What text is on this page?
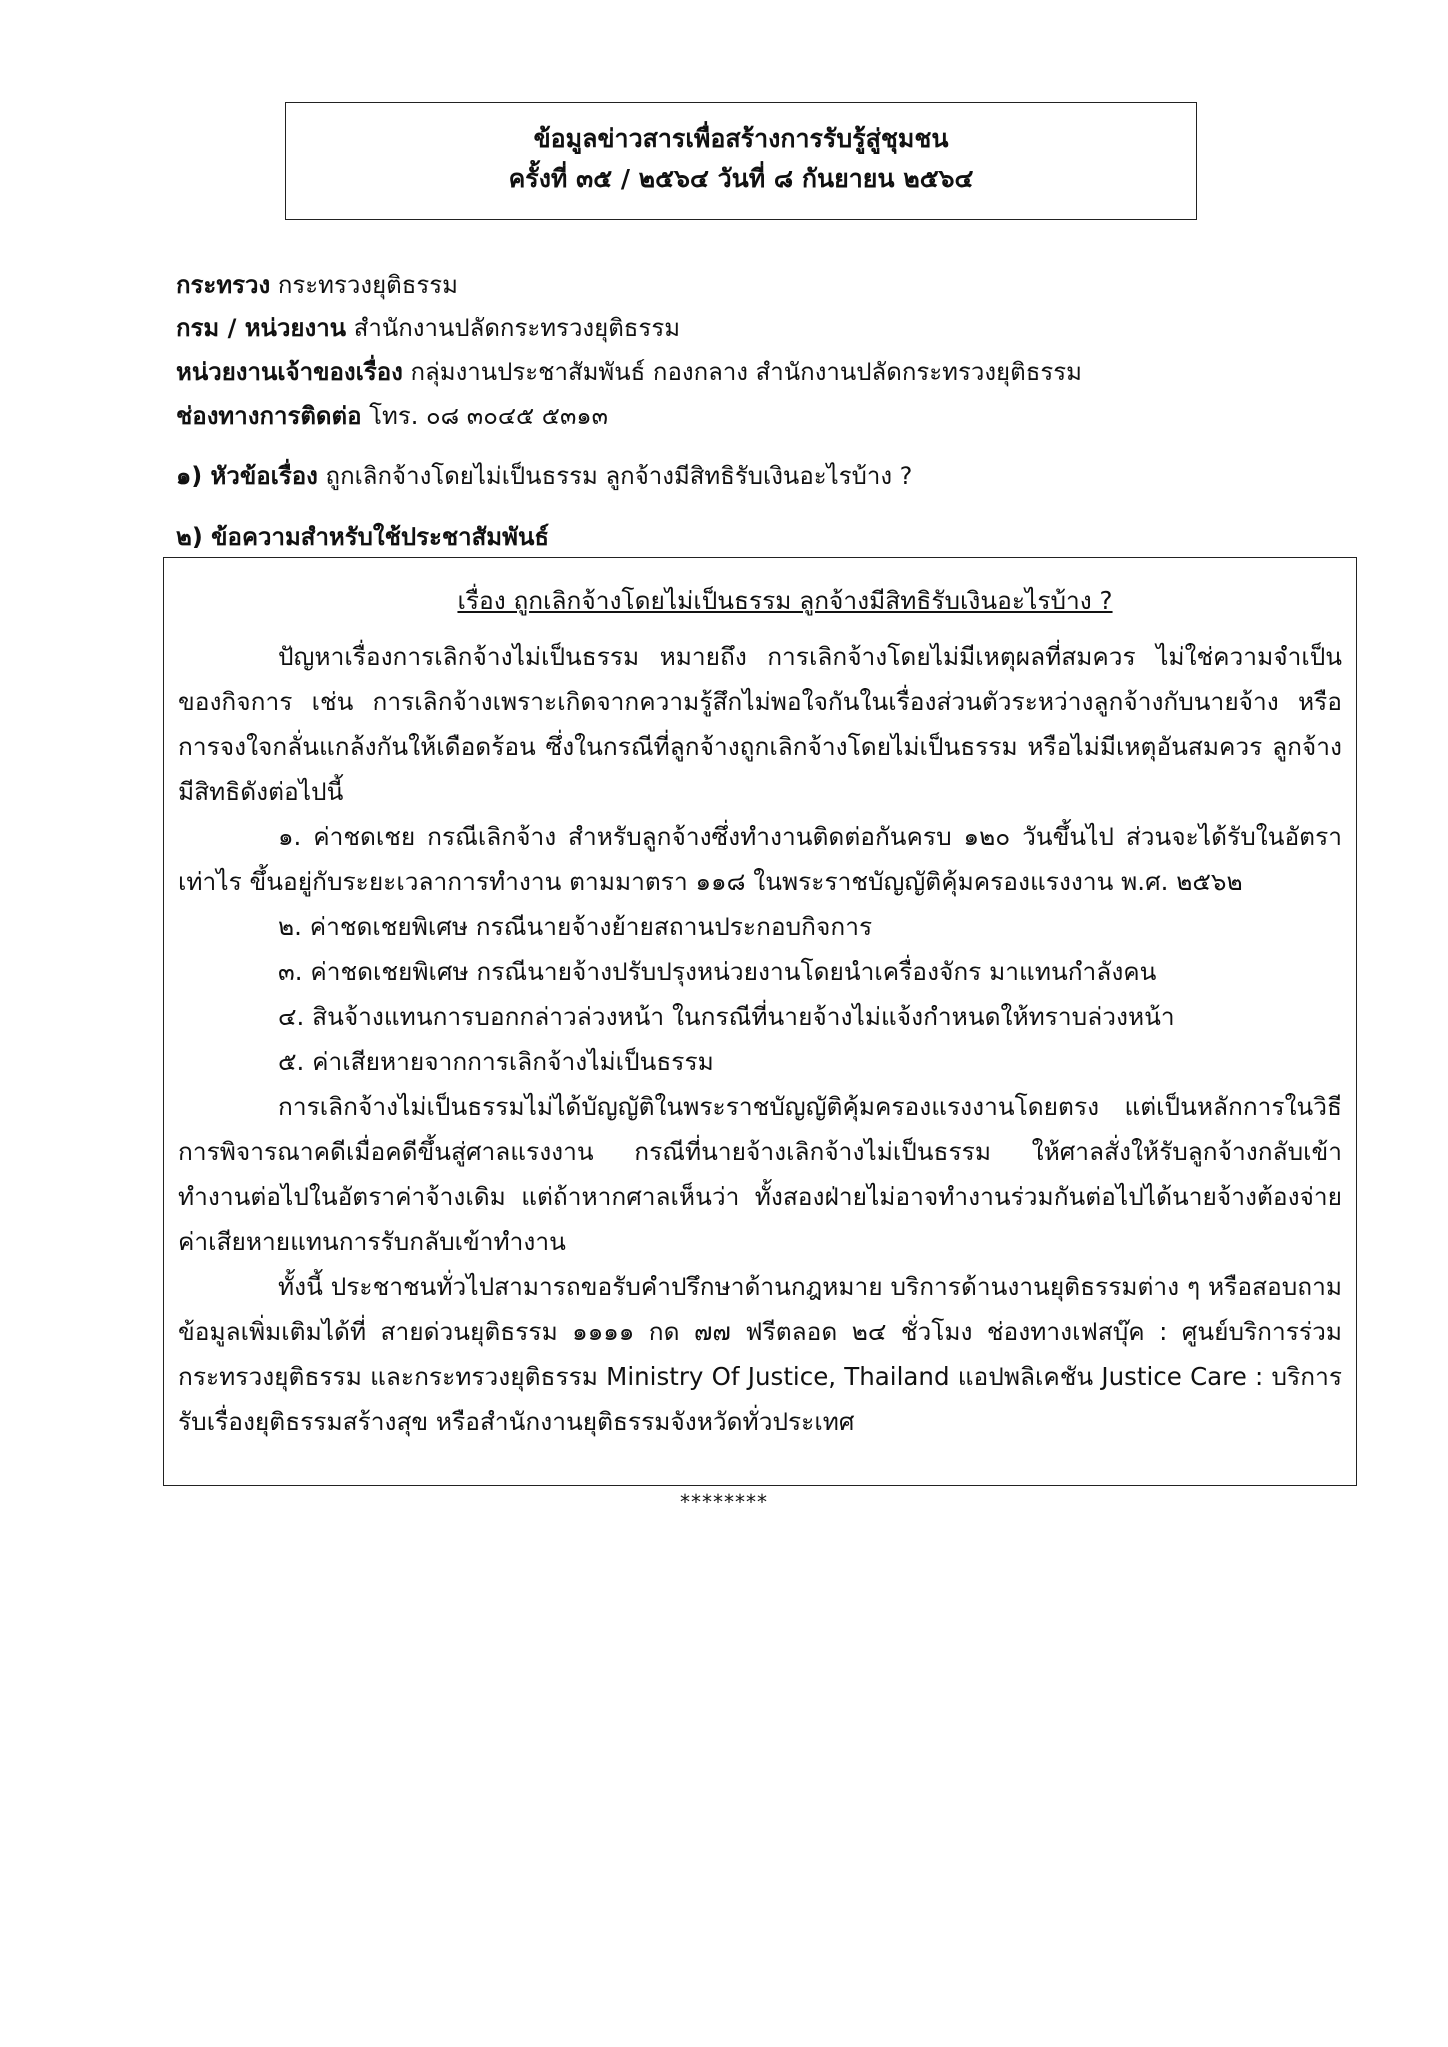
ข้อมูลข่าวสารเพื่อสร้างการรับรู้สู่ชุมชน
ครั้งที่ ๓๕ / ๒๕๖๔ วันที่ ๘ กันยายน ๒๕๖๔
กระทรวง กระทรวงยุติธรรม
กรม / หน่วยงาน สำนักงานปลัดกระทรวงยุติธรรม
หน่วยงานเจ้าของเรื่อง กลุ่มงานประชาสัมพันธ์ กองกลาง สำนักงานปลัดกระทรวงยุติธรรม
ช่องทางการติดต่อ โทร. ๐๘ ๓๐๔๕ ๕๓๑๓
๑) หัวข้อเรื่อง ถูกเลิกจ้างโดยไม่เป็นธรรม ลูกจ้างมีสิทธิรับเงินอะไรบ้าง ?
๒) ข้อความสำหรับใช้ประชาสัมพันธ์
เรื่อง ถูกเลิกจ้างโดยไม่เป็นธรรม ลูกจ้างมีสิทธิรับเงินอะไรบ้าง ?

ปัญหาเรื่องการเลิกจ้างไม่เป็นธรรม หมายถึง การเลิกจ้างโดยไม่มีเหตุผลที่สมควร ไม่ใช่ความจำเป็นของกิจการ เช่น การเลิกจ้างเพราะเกิดจากความรู้สึกไม่พอใจกันในเรื่องส่วนตัวระหว่างลูกจ้างกับนายจ้าง หรือการจงใจกลั่นแกล้งกันให้เดือดร้อน ซึ่งในกรณีที่ลูกจ้างถูกเลิกจ้างโดยไม่เป็นธรรม หรือไม่มีเหตุอันสมควร ลูกจ้างมีสิทธิดังต่อไปนี้

๑. ค่าชดเชย กรณีเลิกจ้าง สำหรับลูกจ้างซึ่งทำงานติดต่อกันครบ ๑๒๐ วันขึ้นไป ส่วนจะได้รับในอัตราเท่าไร ขึ้นอยู่กับระยะเวลาการทำงาน ตามมาตรา ๑๑๘ ในพระราชบัญญัติคุ้มครองแรงงาน พ.ศ. ๒๕๖๒

๒. ค่าชดเชยพิเศษ กรณีนายจ้างย้ายสถานประกอบกิจการ

๓. ค่าชดเชยพิเศษ กรณีนายจ้างปรับปรุงหน่วยงานโดยนำเครื่องจักร มาแทนกำลังคน

๔. สินจ้างแทนการบอกกล่าวล่วงหน้า ในกรณีที่นายจ้างไม่แจ้งกำหนดให้ทราบล่วงหน้า

๕. ค่าเสียหายจากการเลิกจ้างไม่เป็นธรรม

การเลิกจ้างไม่เป็นธรรมไม่ได้บัญญัติในพระราชบัญญัติคุ้มครองแรงงานโดยตรง แต่เป็นหลักการในวิธีการพิจารณาคดีเมื่อคดีขึ้นสู่ศาลแรงงาน กรณีที่นายจ้างเลิกจ้างไม่เป็นธรรม ให้ศาลสั่งให้รับลูกจ้างกลับเข้าทำงานต่อไปในอัตราค่าจ้างเดิม แต่ถ้าหากศาลเห็นว่า ทั้งสองฝ่ายไม่อาจทำงานร่วมกันต่อไปได้นายจ้างต้องจ่ายค่าเสียหายแทนการรับกลับเข้าทำงาน

ทั้งนี้ ประชาชนทั่วไปสามารถขอรับคำปรึกษาด้านกฎหมาย บริการด้านงานยุติธรรมต่าง ๆ หรือสอบถามข้อมูลเพิ่มเติมได้ที่ สายด่วนยุติธรรม ๑๑๑๑ กด ๗๗ ฟรีตลอด ๒๔ ชั่วโมง ช่องทางเฟสบุ๊ค : ศูนย์บริการร่วมกระทรวงยุติธรรม และกระทรวงยุติธรรม Ministry Of Justice, Thailand แอปพลิเคชัน Justice Care : บริการรับเรื่องยุติธรรมสร้างสุข หรือสำนักงานยุติธรรมจังหวัดทั่วประเทศ

********
